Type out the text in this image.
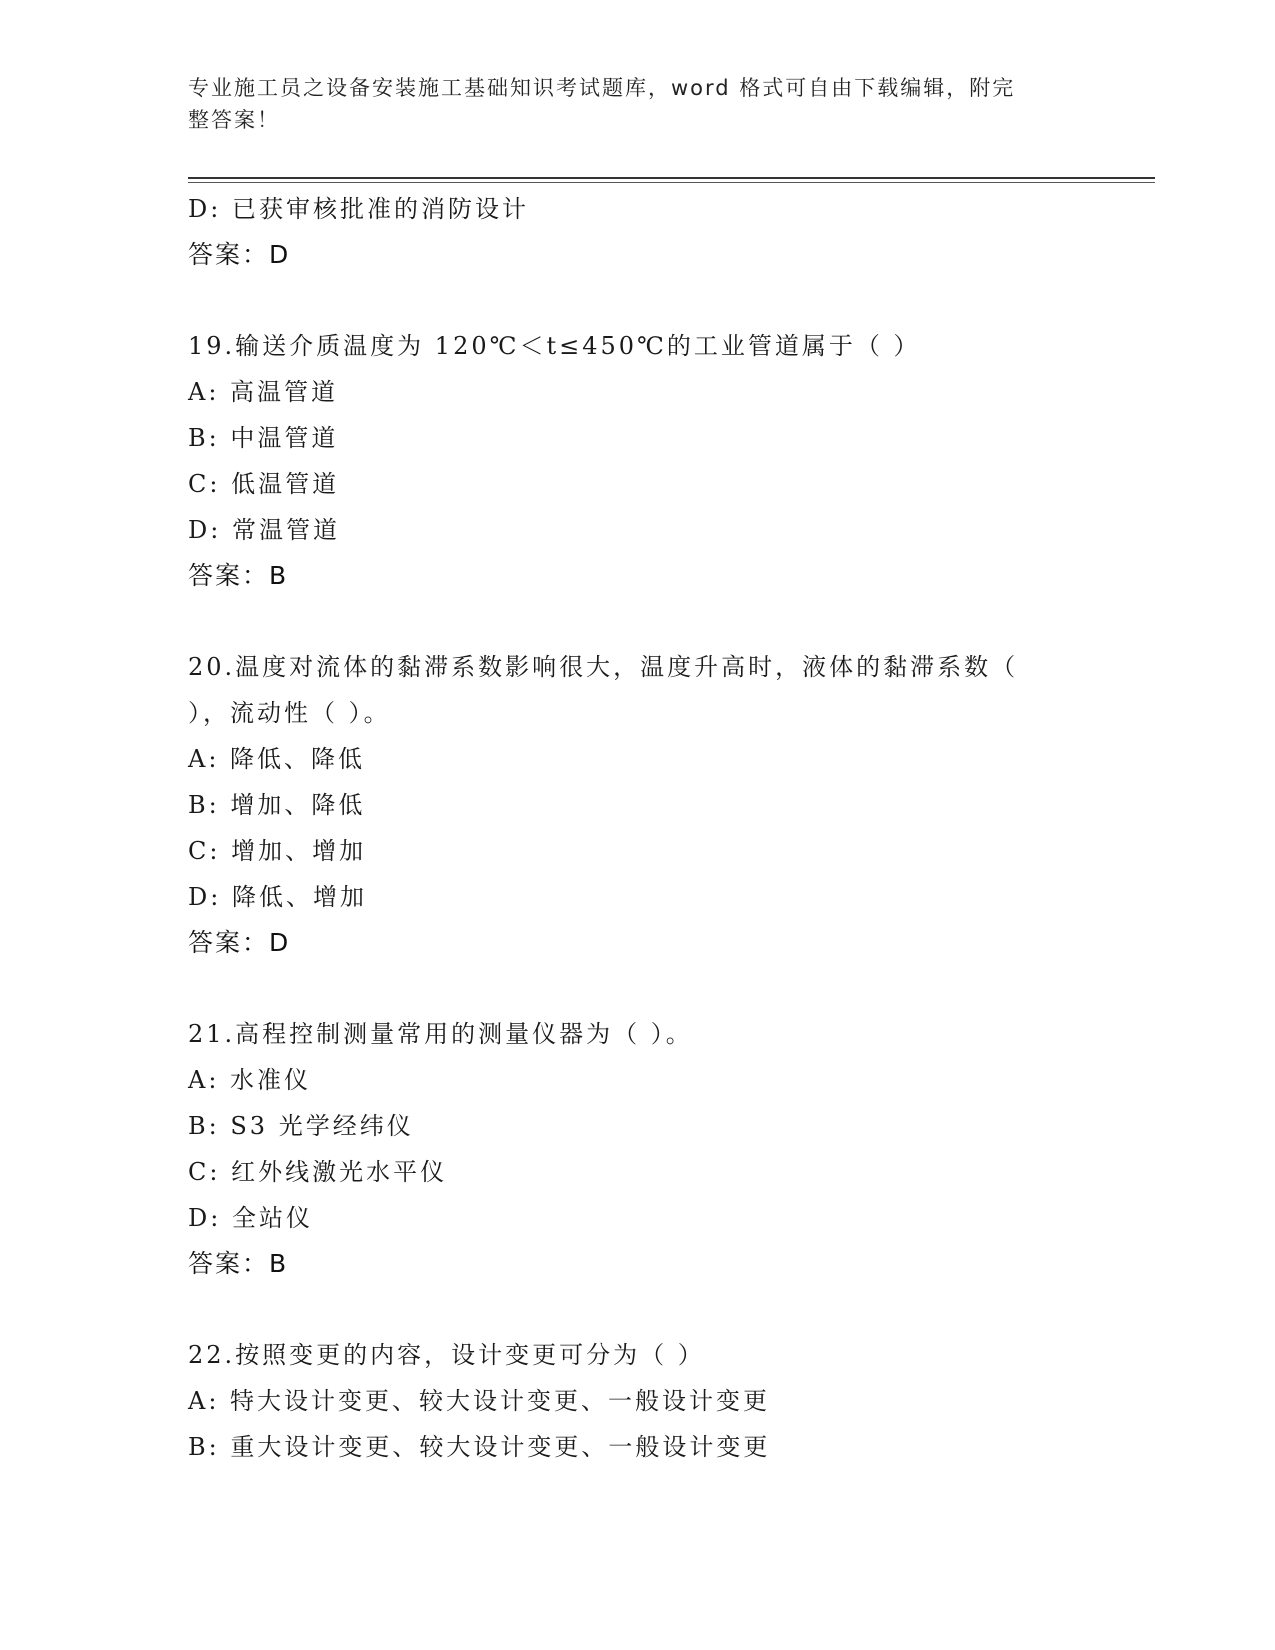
专业施工员之设备安装施工基础知识考试题库，word 格式可自由下载编辑，附完
整答案！
D: 已获审核批准的消防设计
答案：D
19.输送介质温度为 120℃＜t≤450℃的工业管道属于（ ）
A: 高温管道
B: 中温管道
C: 低温管道
D: 常温管道
答案：B
20.温度对流体的黏滞系数影响很大，温度升高时，液体的黏滞系数（
），流动性（ ）。
A: 降低、降低
B: 增加、降低
C: 增加、增加
D: 降低、增加
答案：D
21.高程控制测量常用的测量仪器为（ ）。
A: 水准仪
B: S3 光学经纬仪
C: 红外线激光水平仪
D: 全站仪
答案：B
22.按照变更的内容，设计变更可分为（ ）
A: 特大设计变更、较大设计变更、一般设计变更
B: 重大设计变更、较大设计变更、一般设计变更
